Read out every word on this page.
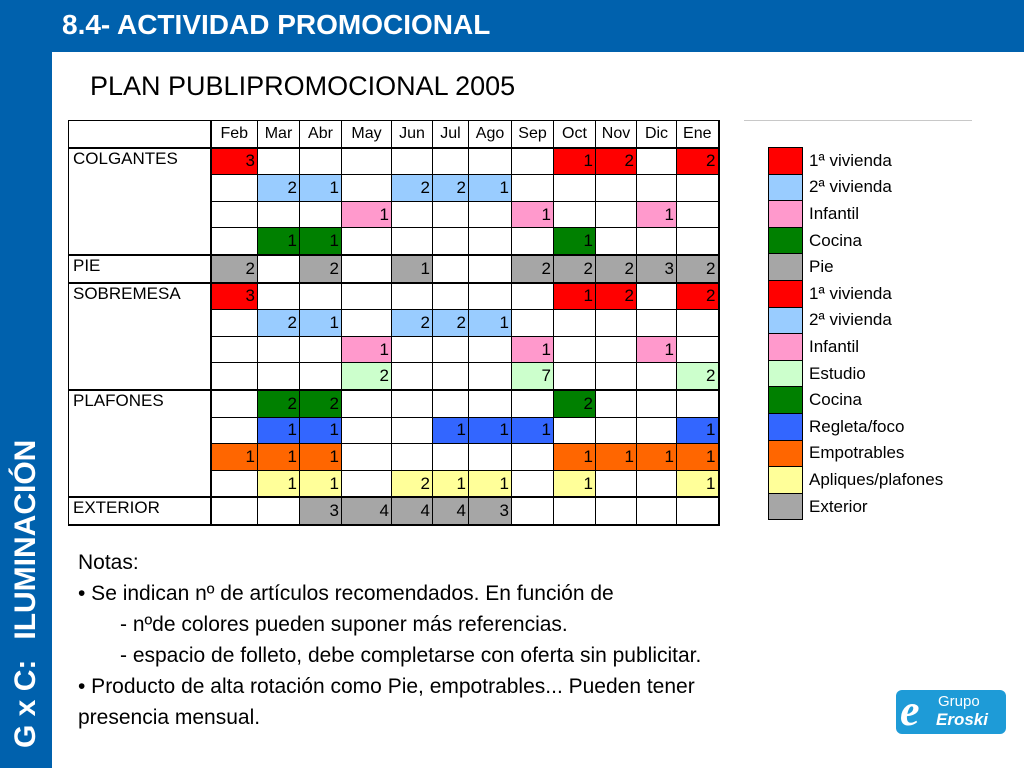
G x C:ILUMINACIÓN
8.4- ACTIVIDAD PROMOCIONAL
PLAN PUBLIPROMOCIONAL 2005
	Feb	Mar	Abr	May	Jun	Jul	Ago	Sep	Oct	Nov	Dic	Ene
COLGANTES	3								1	2		2
		2	1		2	2	1					
				1				1			1	
		1	1						1			
PIE	2		2		1			2	2	2	3	2
SOBREMESA	3								1	2		2
		2	1		2	2	1					
				1				1			1	
				2				7				2
PLAFONES		2	2						2			
		1	1			1	1	1				1
	1	1	1						1	1	1	1
		1	1		2	1	1		1			1
EXTERIOR			3	4	4	4	3					
	1ª vivienda
	2ª vivienda
	Infantil
	Cocina
	Pie
	1ª vivienda
	2ª vivienda
	Infantil
	Estudio
	Cocina
	Regleta/foco
	Empotrables
	Apliques/plafones
	Exterior
Notas:
• Se indican nº de artículos recomendados. En función de
- nºde colores pueden suponer más referencias.
- espacio de folleto, debe completarse con oferta sin publicitar.
• Producto de alta rotación como Pie, empotrables... Pueden tener
presencia mensual.	e Grupo
Eroski
